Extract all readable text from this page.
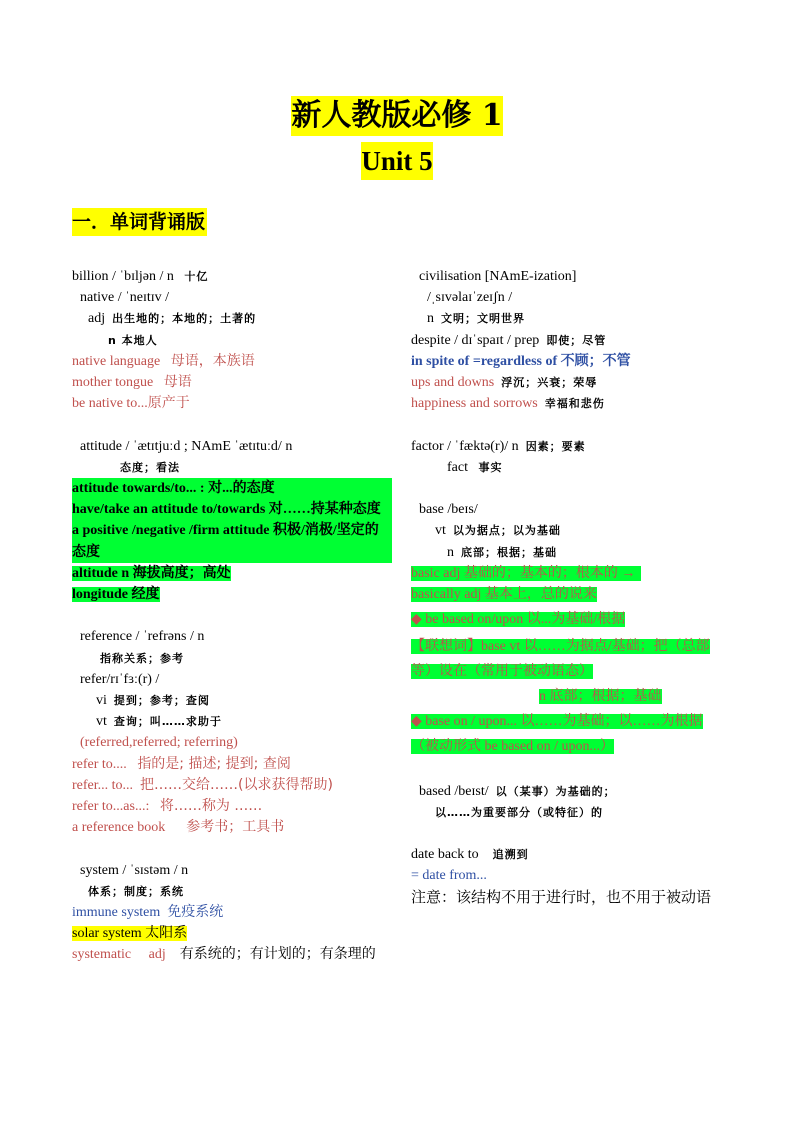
新人教版必修 1
Unit 5
一．单词背诵版
billion / ˈbɪljən / n 十亿
native / ˈneɪtɪv /
adj 出生地的；本地的；土著的
n 本地人
native language 母语，本族语
mother tongue 母语
be native to...原产于
attitude / ˈætɪtjuːd ; NAmE ˈætɪtuːd/ n
态度；看法
attitude towards/to... : 对...的态度
have/take an attitude to/towards 对……持某种态度
a positive /negative /firm attitude 积极/消极/坚定的态度
altitude n 海拔高度；高处
longitude 经度
reference / ˈrefrəns / n
指称关系；参考
refer/rɪˈfɜː(r) /
vi 提到；参考；查阅
vt 查询；叫……求助于
(referred,referred; referring)
refer to.... 指的是; 描述; 提到; 查阅
refer... to... 把……交给……(以求获得帮助)
refer to...as...: 将……称为 ……
a reference book 参考书；工具书
system / ˈsɪstəm / n
体系；制度；系统
immune system 免疫系统
solar system 太阳系
systematic adj 有系统的；有计划的；有条理的
civilisation [NAmE-ization]
/ˌsɪvəlaɪˈzeɪʃn /
n 文明；文明世界
despite / dɪˈspaɪt / prep 即使；尽管
in spite of =regardless of 不顾；不管
ups and downs 浮沉；兴衰；荣辱
happiness and sorrows 幸福和悲伤
factor / ˈfæktə(r)/ n 因素；要素
fact 事实
base /beɪs/
vt 以为据点；以为基础
n 底部；根据；基础
basic adj 基础的；基本的；根本的 →
basically adj 基本上，总的说来
◆ be based on/upon 以...为基础/根据
【联想词】base vt 以……为据点/基础；把（总部等）设在（常用于被动语态）
n 底部；根据；基础
◆ base on / upon... 以……为基础；以……为根据（被动形式 be based on / upon...）
based /beɪst/ 以（某事）为基础的；
以……为重要部分（或特征）的
date back to 追溯到
= date from...
注意：该结构不用于进行时，也不用于被动语
